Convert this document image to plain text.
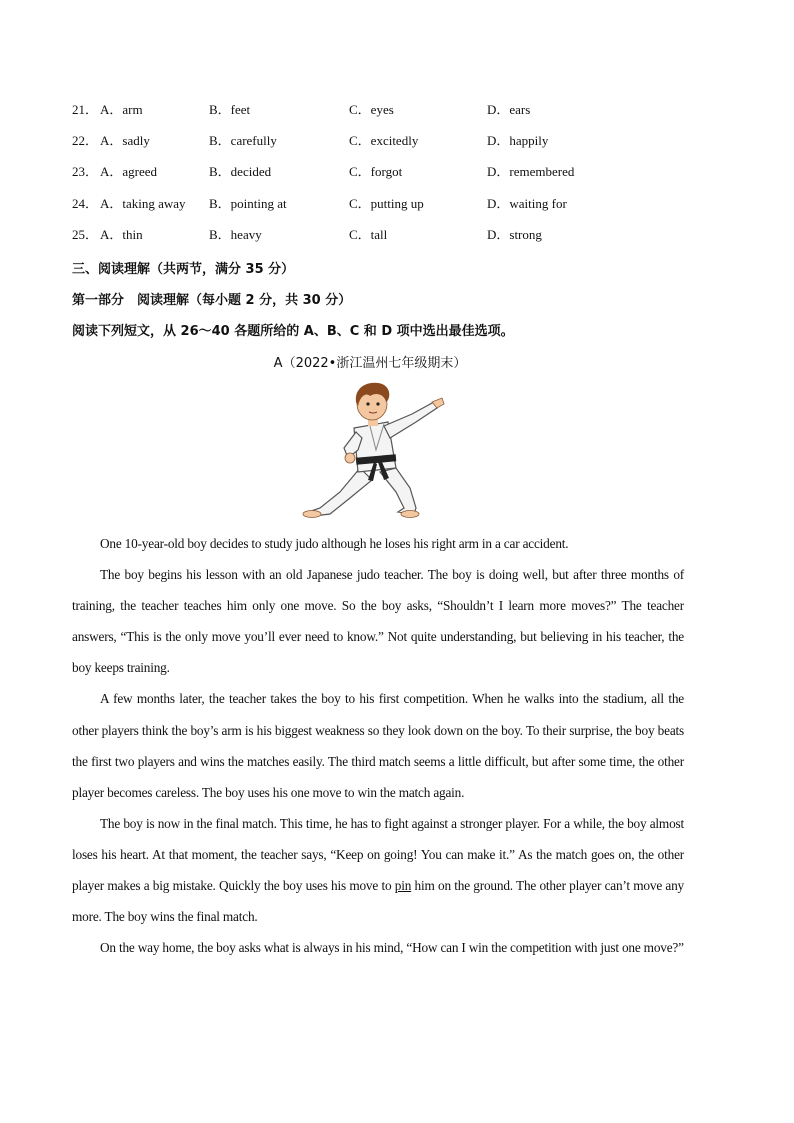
21． A．arm	B．feet	C．eyes	D．ears
22． A．sadly	B．carefully	C．excitedly	D．happily
23． A．agreed	B．decided	C．forgot	D．remembered
24． A．taking away B．pointing at	C．putting up	D．waiting for
25． A．thin	B．heavy	C．tall	D．strong
三、阅读理解（共两节，满分 35 分）
第一部分　阅读理解（每小题 2 分，共 30 分）
阅读下列短文，从 26～40 各题所给的 A、B、C 和 D 项中选出最佳选项。
A（2022•浙江温州七年级期末）

One 10-year-old boy decides to study judo although he loses his right arm in a car accident.

The boy begins his lesson with an old Japanese judo teacher. The boy is doing well, but after three months of training, the teacher teaches him only one move. So the boy asks, “Shouldn’t I learn more moves?” The teacher answers, “This is the only move you’ll ever need to know.” Not quite understanding, but believing in his teacher, the boy keeps training.

A few months later, the teacher takes the boy to his first competition. When he walks into the stadium, all the other players think the boy’s arm is his biggest weakness so they look down on the boy. To their surprise, the boy beats the first two players and wins the matches easily. The third match seems a little difficult, but after some time, the other player becomes careless. The boy uses his one move to win the match again.

The boy is now in the final match. This time, he has to fight against a stronger player. For a while, the boy almost loses his heart. At that moment, the teacher says, “Keep on going! You can make it.” As the match goes on, the other player makes a big mistake. Quickly the boy uses his move to pin him on the ground. The other player can’t move any more. The boy wins the final match.

On the way home, the boy asks what is always in his mind, “How can I win the competition with just one move?”
